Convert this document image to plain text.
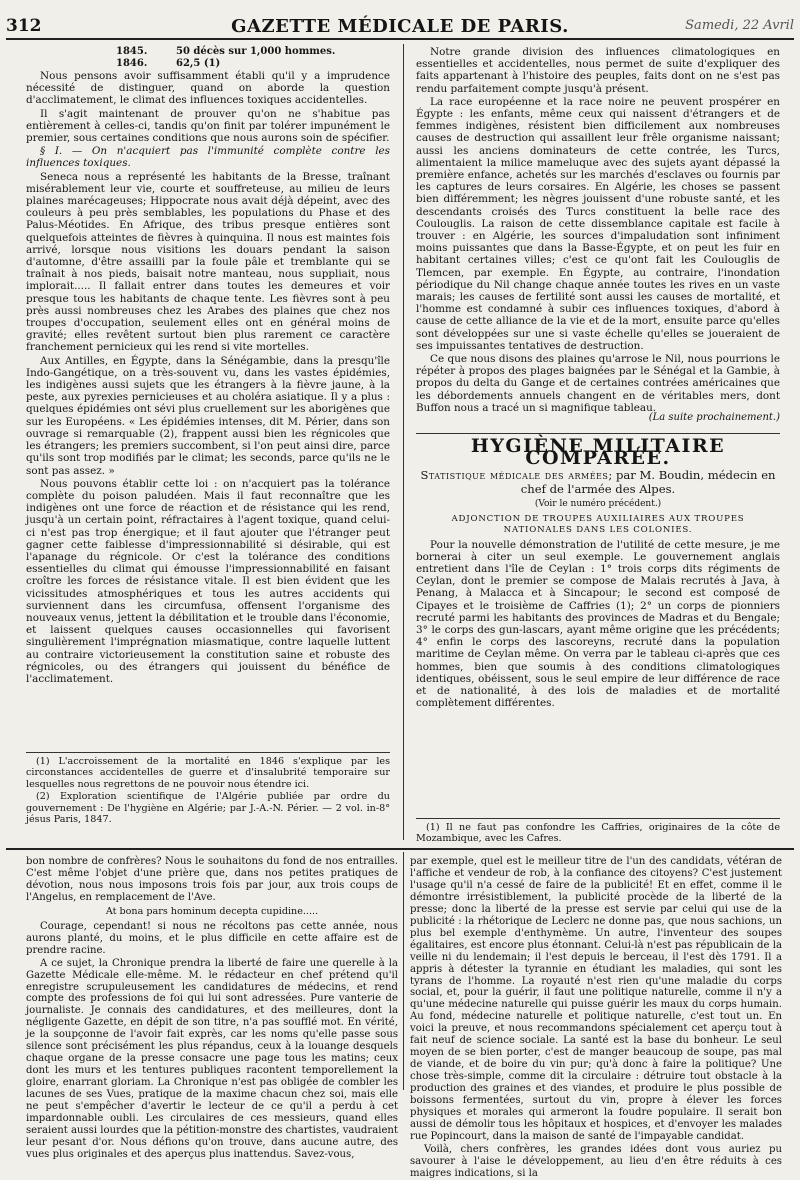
312	GAZETTE MÉDICALE DE PARIS.	Samedi, 22 Avril
1845.	50 décès sur 1,000 hommes.
1846.	62,5 (1)

Nous pensons avoir suffisamment établi qu'il y a imprudence nécessité de distinguer, quand on aborde la question d'acclimatement, le climat des influences toxiques accidentelles.

Il s'agit maintenant de prouver qu'on ne s'habitue pas entièrement à celles-ci, tandis qu'on finit par tolérer impunément le premier, sous certaines conditions que nous aurons soin de spécifier.

§ I. — On n'acquiert pas l'immunité complète contre les influences toxiques.

Seneca nous a représenté les habitants de la Bresse, traînant misérablement leur vie, courte et souffreteuse, au milieu de leurs plaines marécageuses; Hippocrate nous avait déjà dépeint, avec des couleurs à peu près semblables, les populations du Phase et des Palus-Méotides. En Afrique, des tribus presque entières sont quelquefois atteintes de fièvres à quinquina. Il nous est maintes fois arrivé, lorsque nous visitions les douars pendant la saison d'automne, d'être assailli par la foule pâle et tremblante qui se traînait à nos pieds, baisait notre manteau, nous suppliait, nous implorait..... Il fallait entrer dans toutes les demeures et voir presque tous les habitants de chaque tente. Les fièvres sont à peu près aussi nombreuses chez les Arabes des plaines que chez nos troupes d'occupation, seulement elles ont en général moins de gravité; elles revêtent surtout bien plus rarement ce caractère franchement pernicieux qui les rend si vite mortelles.

Aux Antilles, en Égypte, dans la Sénégambie, dans la presqu'île Indo-Gangétique, on a très-souvent vu, dans les vastes épidémies, les indigènes aussi sujets que les étrangers à la fièvre jaune, à la peste, aux pyrexies pernicieuses et au choléra asiatique. Il y a plus : quelques épidémies ont sévi plus cruellement sur les aborigènes que sur les Européens. « Les épidémies intenses, dit M. Périer, dans son ouvrage si remarquable (2), frappent aussi bien les régnicoles que les étrangers; les premiers succombent, si l'on peut ainsi dire, parce qu'ils sont trop modifiés par le climat; les seconds, parce qu'ils ne le sont pas assez. »

Nous pouvons établir cette loi : on n'acquiert pas la tolérance complète du poison paludéen. Mais il faut reconnaître que les indigènes ont une force de réaction et de résistance qui les rend, jusqu'à un certain point, réfractaires à l'agent toxique, quand celui-ci n'est pas trop énergique; et il faut ajouter que l'étranger peut gagner cette faiblesse d'impressionnabilité si désirable, qui est l'apanage du régnicole. Or c'est la tolérance des conditions essentielles du climat qui émousse l'impressionnabilité en faisant croître les forces de résistance vitale. Il est bien évident que les vicissitudes atmosphériques et tous les autres accidents qui surviennent dans les circumfusa, offensent l'organisme des nouveaux venus, jettent la débilitation et le trouble dans l'économie, et laissent quelques causes occasionnelles qui favorisent singulièrement l'imprégnation miasmatique, contre laquelle luttent au contraire victorieusement la constitution saine et robuste des régnicoles, ou des étrangers qui jouissent du bénéfice de l'acclimatement.

(1) L'accroissement de la mortalité en 1846 s'explique par les circonstances accidentelles de guerre et d'insalubrité temporaire sur lesquelles nous regrettons de ne pouvoir nous étendre ici.

(2) Exploration scientifique de l'Algérie publiée par ordre du gouvernement : De l'hygiène en Algérie; par J.-A.-N. Périer. — 2 vol. in-8° jésus Paris, 1847.

Notre grande division des influences climatologiques en essentielles et accidentelles, nous permet de suite d'expliquer des faits appartenant à l'histoire des peuples, faits dont on ne s'est pas rendu parfaitement compte jusqu'à présent.

La race européenne et la race noire ne peuvent prospérer en Égypte : les enfants, même ceux qui naissent d'étrangers et de femmes indigènes, résistent bien difficilement aux nombreuses causes de destruction qui assaillent leur frêle organisme naissant; aussi les anciens dominateurs de cette contrée, les Turcs, alimentaient la milice mameluque avec des sujets ayant dépassé la première enfance, achetés sur les marchés d'esclaves ou fournis par les captures de leurs corsaires. En Algérie, les choses se passent bien différemment; les nègres jouissent d'une robuste santé, et les descendants croisés des Turcs constituent la belle race des Coulouglis. La raison de cette dissemblance capitale est facile à trouver : en Algérie, les sources d'impaludation sont infiniment moins puissantes que dans la Basse-Égypte, et on peut les fuir en habitant certaines villes; c'est ce qu'ont fait les Coulouglis de Tlemcen, par exemple. En Égypte, au contraire, l'inondation périodique du Nil change chaque année toutes les rives en un vaste marais; les causes de fertilité sont aussi les causes de mortalité, et l'homme est condamné à subir ces influences toxiques, d'abord à cause de cette alliance de la vie et de la mort, ensuite parce qu'elles sont développées sur une si vaste échelle qu'elles se joueraient de ses impuissantes tentatives de destruction.

Ce que nous disons des plaines qu'arrose le Nil, nous pourrions le répéter à propos des plages baignées par le Sénégal et la Gambie, à propos du delta du Gange et de certaines contrées américaines que les débordements annuels changent en de véritables mers, dont Buffon nous a tracé un si magnifique tableau.

(La suite prochainement.)
HYGIÈNE MILITAIRE COMPARÉE.
Statistique médicale des armées; par M. Boudin, médecin en chef de l'armée des Alpes.
(Voir le numéro précédent.)
ADJONCTION DE TROUPES AUXILIAIRES AUX TROUPES NATIONALES DANS LES COLONIES.

Pour la nouvelle démonstration de l'utilité de cette mesure, je me bornerai à citer un seul exemple. Le gouvernement anglais entretient dans l'île de Ceylan : 1° trois corps dits régiments de Ceylan, dont le premier se compose de Malais recrutés à Java, à Penang, à Malacca et à Sincapour; le second est composé de Cipayes et le troisième de Caffries (1); 2° un corps de pionniers recruté parmi les habitants des provinces de Madras et du Bengale; 3° le corps des gun-lascars, ayant même origine que les précédents; 4° enfin le corps des lascoreyns, recruté dans la population maritime de Ceylan même. On verra par le tableau ci-après que ces hommes, bien que soumis à des conditions climatologiques identiques, obéissent, sous le seul empire de leur différence de race et de nationalité, à des lois de maladies et de mortalité complètement différentes.

(1) Il ne faut pas confondre les Caffries, originaires de la côte de Mozambique, avec les Cafres.

bon nombre de confrères? Nous le souhaitons du fond de nos entrailles. C'est même l'objet d'une prière que, dans nos petites pratiques de dévotion, nous nous imposons trois fois par jour, aux trois coups de l'Angelus, en remplacement de l'Ave.

At bona pars hominum decepta cupidine.....

Courage, cependant! si nous ne récoltons pas cette année, nous aurons planté, du moins, et le plus difficile en cette affaire est de prendre racine.

A ce sujet, la Chronique prendra la liberté de faire une querelle à la Gazette Médicale elle-même. M. le rédacteur en chef prétend qu'il enregistre scrupuleusement les candidatures de médecins, et rend compte des professions de foi qui lui sont adressées. Pure vanterie de journaliste. Je connais des candidatures, et des meilleures, dont la négligente Gazette, en dépit de son titre, n'a pas soufflé mot. En vérité, je la soupçonne de l'avoir fait exprès, car les noms qu'elle passe sous silence sont précisément les plus répandus, ceux à la louange desquels chaque organe de la presse consacre une page tous les matins; ceux dont les murs et les tentures publiques racontent temporellement la gloire, enarrant gloriam. La Chronique n'est pas obligée de combler les lacunes de ses Vues, pratique de la maxime chacun chez soi, mais elle ne peut s'empêcher d'avertir le lecteur de ce qu'il a perdu à cet impardonnable oubli. Les circulaires de ces messieurs, quand elles seraient aussi lourdes que la pétition-monstre des chartistes, vaudraient leur pesant d'or. Nous défions qu'on trouve, dans aucune autre, des vues plus originales et des aperçus plus inattendus. Savez-vous,

par exemple, quel est le meilleur titre de l'un des candidats, vétéran de l'affiche et vendeur de rob, à la confiance des citoyens? C'est justement l'usage qu'il n'a cessé de faire de la publicité! Et en effet, comme il le démontre irrésistiblement, la publicité procède de la liberté de la presse; donc la liberté de la presse est servie par celui qui use de la publicité : la rhétorique de Leclerc ne donne pas, que nous sachions, un plus bel exemple d'enthymème. Un autre, l'inventeur des soupes égalitaires, est encore plus étonnant. Celui-là n'est pas républicain de la veille ni du lendemain; il l'est depuis le berceau, il l'est dès 1791. Il a appris à détester la tyrannie en étudiant les maladies, qui sont les tyrans de l'homme. La royauté n'est rien qu'une maladie du corps social, et, pour la guérir, il faut une politique naturelle, comme il n'y a qu'une médecine naturelle qui puisse guérir les maux du corps humain. Au fond, médecine naturelle et politique naturelle, c'est tout un. En voici la preuve, et nous recommandons spécialement cet aperçu tout à fait neuf de science sociale. La santé est la base du bonheur. Le seul moyen de se bien porter, c'est de manger beaucoup de soupe, pas mal de viande, et de boire du vin pur; qu'à donc à faire la politique? Une chose très-simple, comme dit la circulaire : détruire tout obstacle à la production des graines et des viandes, et produire le plus possible de boissons fermentées, surtout du vin, propre à élever les forces physiques et morales qui armeront la foudre populaire. Il serait bon aussi de démolir tous les hôpitaux et hospices, et d'envoyer les malades rue Popincourt, dans la maison de santé de l'impayable candidat.

Voilà, chers confrères, les grandes idées dont vous auriez pu savourer à l'aise le développement, au lieu d'en être réduits à ces maigres indications, si la
